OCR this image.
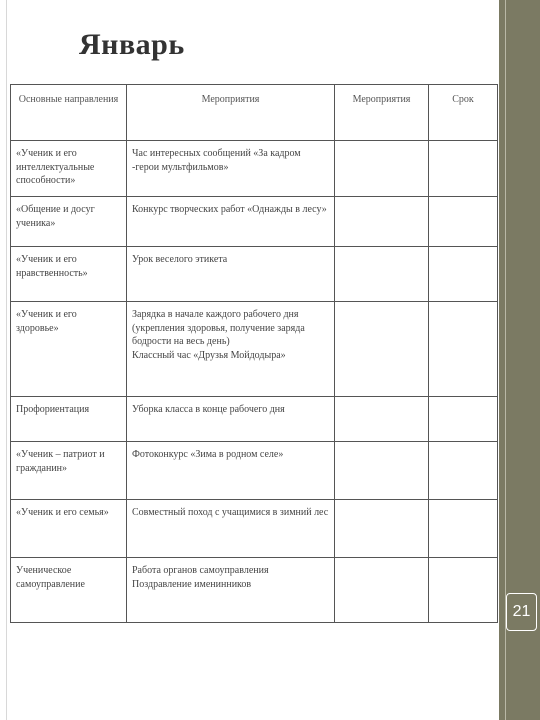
21
Январь
Основные направления	Мероприятия	Мероприятия	Срок
«Ученик и его интеллектуальные способности»	Час интересных сообщений «За кадром -герои мультфильмов»		
«Общение и досуг ученика»	Конкурс творческих работ «Однажды в лесу»		
«Ученик и его нравственность»	Урок веселого этикета		
«Ученик и его здоровье»	Зарядка в начале каждого рабочего дня (укрепления здоровья, получение заряда бодрости на весь день)
Классный час «Друзья Мойдодыра»		
Профориентация	Уборка класса в конце рабочего дня		
«Ученик – патриот и гражданин»	Фотоконкурс «Зима в родном селе»		
«Ученик и его семья»	Совместный поход с учащимися в зимний лес		
Ученическое самоуправление	Работа органов самоуправления
Поздравление именинников		
